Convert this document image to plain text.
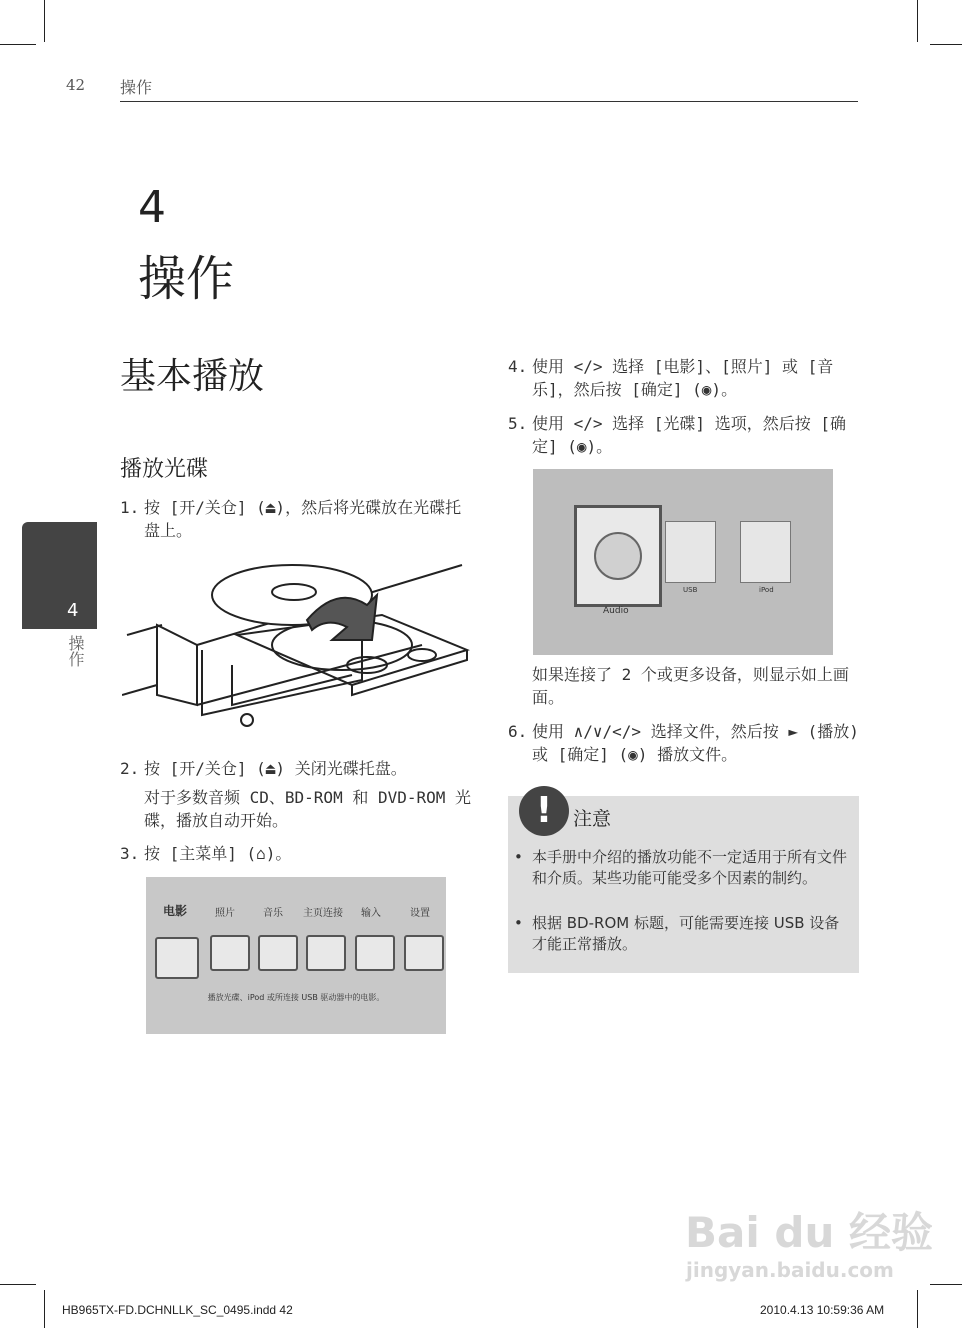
42 操作
4
操作
4
操作
基本播放
播放光碟
1. 按 [开/关仓] (⏏)，然后将光碟放在光碟托盘上。
2. 按 [开/关仓] (⏏) 关闭光碟托盘。
对于多数音频 CD、BD-ROM 和 DVD-ROM 光碟，播放自动开始。
3. 按 [主菜单] (⌂)。
电影	照片	音乐 主页连接 输入	设置
播放光碟、iPod 或所连接 USB 驱动器中的电影。
4. 使用 </> 选择 [电影]、[照片] 或 [音乐]，然后按 [确定] (◉)。
5. 使用 </> 选择 [光碟] 选项，然后按 [确定] (◉)。
Audio
USB	iPod
如果连接了 2 个或更多设备，则显示如上画面。
6. 使用 ∧/∨/</> 选择文件，然后按 ► (播放) 或 [确定] (◉) 播放文件。
!	注意
• 本手册中介绍的播放功能不一定适用于所有文件和介质。某些功能可能受多个因素的制约。
• 根据 BD-ROM 标题，可能需要连接 USB 设备才能正常播放。
Bai du 经验
jingyan.baidu.com
HB965TX-FD.DCHNLLK_SC_0495.indd 42	2010.4.13 10:59:36 AM
